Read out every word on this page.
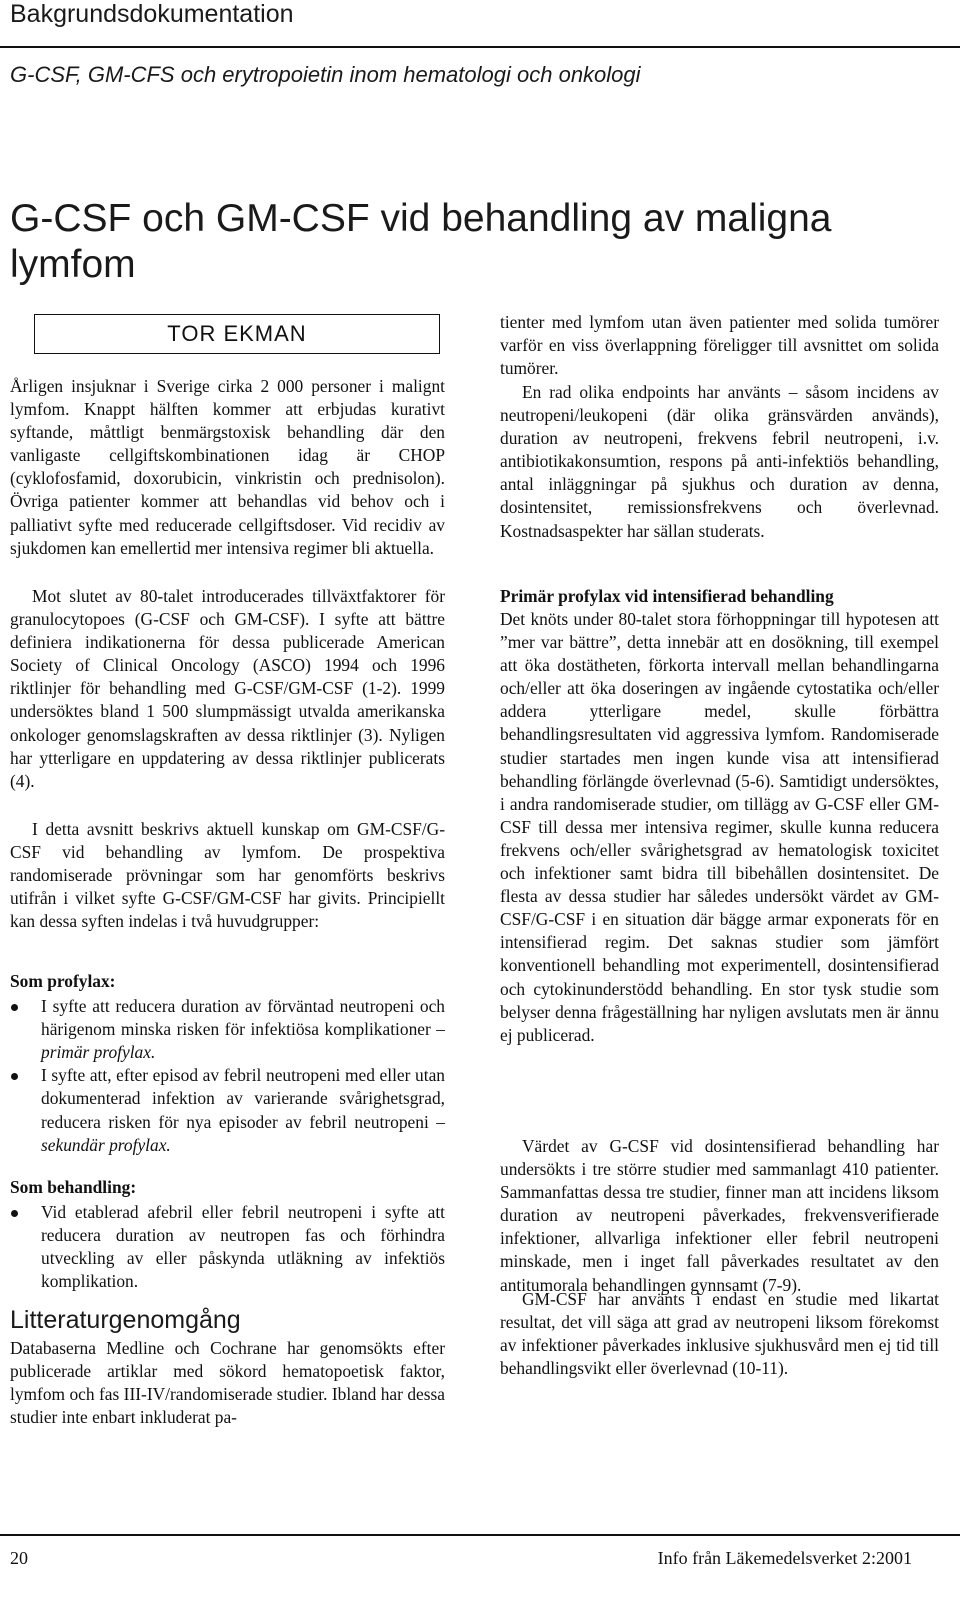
Bakgrundsdokumentation
G-CSF, GM-CFS och erytropoietin inom hematologi och onkologi
G-CSF och GM-CSF vid behandling av maligna lymfom
TOR EKMAN

Årligen insjuknar i Sverige cirka 2 000 personer i malignt lymfom. Knappt hälften kommer att erbjudas kurativt syftande, måttligt benmärgstoxisk behandling där den vanligaste cellgiftskombinationen idag är CHOP (cyklofosfamid, doxorubicin, vinkristin och prednisolon). Övriga patienter kommer att behandlas vid behov och i palliativt syfte med reducerade cellgiftsdoser. Vid recidiv av sjukdomen kan emellertid mer intensiva regimer bli aktuella.

Mot slutet av 80-talet introducerades tillväxtfaktorer för granulocytopoes (G-CSF och GM-CSF). I syfte att bättre definiera indikationerna för dessa publicerade American Society of Clinical Oncology (ASCO) 1994 och 1996 riktlinjer för behandling med G-CSF/GM-CSF (1-2). 1999 undersöktes bland 1 500 slumpmässigt utvalda amerikanska onkologer genomslagskraften av dessa riktlinjer (3). Nyligen har ytterligare en uppdatering av dessa riktlinjer publicerats (4).

I detta avsnitt beskrivs aktuell kunskap om GM-CSF/G-CSF vid behandling av lymfom. De prospektiva randomiserade prövningar som har genomförts beskrivs utifrån i vilket syfte G-CSF/GM-CSF har givits. Principiellt kan dessa syften indelas i två huvudgrupper:

Som profylax:

I syfte att reducera duration av förväntad neutropeni och härigenom minska risken för infektiösa komplikationer – primär profylax.
I syfte att, efter episod av febril neutropeni med eller utan dokumenterad infektion av varierande svårighetsgrad, reducera risken för nya episoder av febril neutropeni – sekundär profylax.

Som behandling:

Vid etablerad afebril eller febril neutropeni i syfte att reducera duration av neutropen fas och förhindra utveckling av eller påskynda utläkning av infektiös komplikation.

Litteraturgenomgång

Databaserna Medline och Cochrane har genomsökts efter publicerade artiklar med sökord hematopoetisk faktor, lymfom och fas III-IV/randomiserade studier. Ibland har dessa studier inte enbart inkluderat pa-

tienter med lymfom utan även patienter med solida tumörer varför en viss överlappning föreligger till avsnittet om solida tumörer.

En rad olika endpoints har använts – såsom incidens av neutropeni/leukopeni (där olika gränsvärden används), duration av neutropeni, frekvens febril neutropeni, i.v. antibiotikakonsumtion, respons på anti-infektiös behandling, antal inläggningar på sjukhus och duration av denna, dosintensitet, remissionsfrekvens och överlevnad. Kostnadsaspekter har sällan studerats.

Primär profylax vid intensifierad behandling

Det knöts under 80-talet stora förhoppningar till hypotesen att ”mer var bättre”, detta innebär att en dosökning, till exempel att öka dostätheten, förkorta intervall mellan behandlingarna och/eller att öka doseringen av ingående cytostatika och/eller addera ytterligare medel, skulle förbättra behandlingsresultaten vid aggressiva lymfom. Randomiserade studier startades men ingen kunde visa att intensifierad behandling förlängde överlevnad (5-6). Samtidigt undersöktes, i andra randomiserade studier, om tillägg av G-CSF eller GM-CSF till dessa mer intensiva regimer, skulle kunna reducera frekvens och/eller svårighetsgrad av hematologisk toxicitet och infektioner samt bidra till bibehållen dosintensitet. De flesta av dessa studier har således undersökt värdet av GM-CSF/G-CSF i en situation där bägge armar exponerats för en intensifierad regim. Det saknas studier som jämfört konventionell behandling mot experimentell, dosintensifierad och cytokinunderstödd behandling. En stor tysk studie som belyser denna frågeställning har nyligen avslutats men är ännu ej publicerad.

Värdet av G-CSF vid dosintensifierad behandling har undersökts i tre större studier med sammanlagt 410 patienter. Sammanfattas dessa tre studier, finner man att incidens liksom duration av neutropeni påverkades, frekvensverifierade infektioner, allvarliga infektioner eller febril neutropeni minskade, men i inget fall påverkades resultatet av den antitumorala behandlingen gynnsamt (7-9).

GM-CSF har använts i endast en studie med likartat resultat, det vill säga att grad av neutropeni liksom förekomst av infektioner påverkades inklusive sjukhusvård men ej tid till behandlingsvikt eller överlevnad (10-11).

20	Info från Läkemedelsverket 2:2001
